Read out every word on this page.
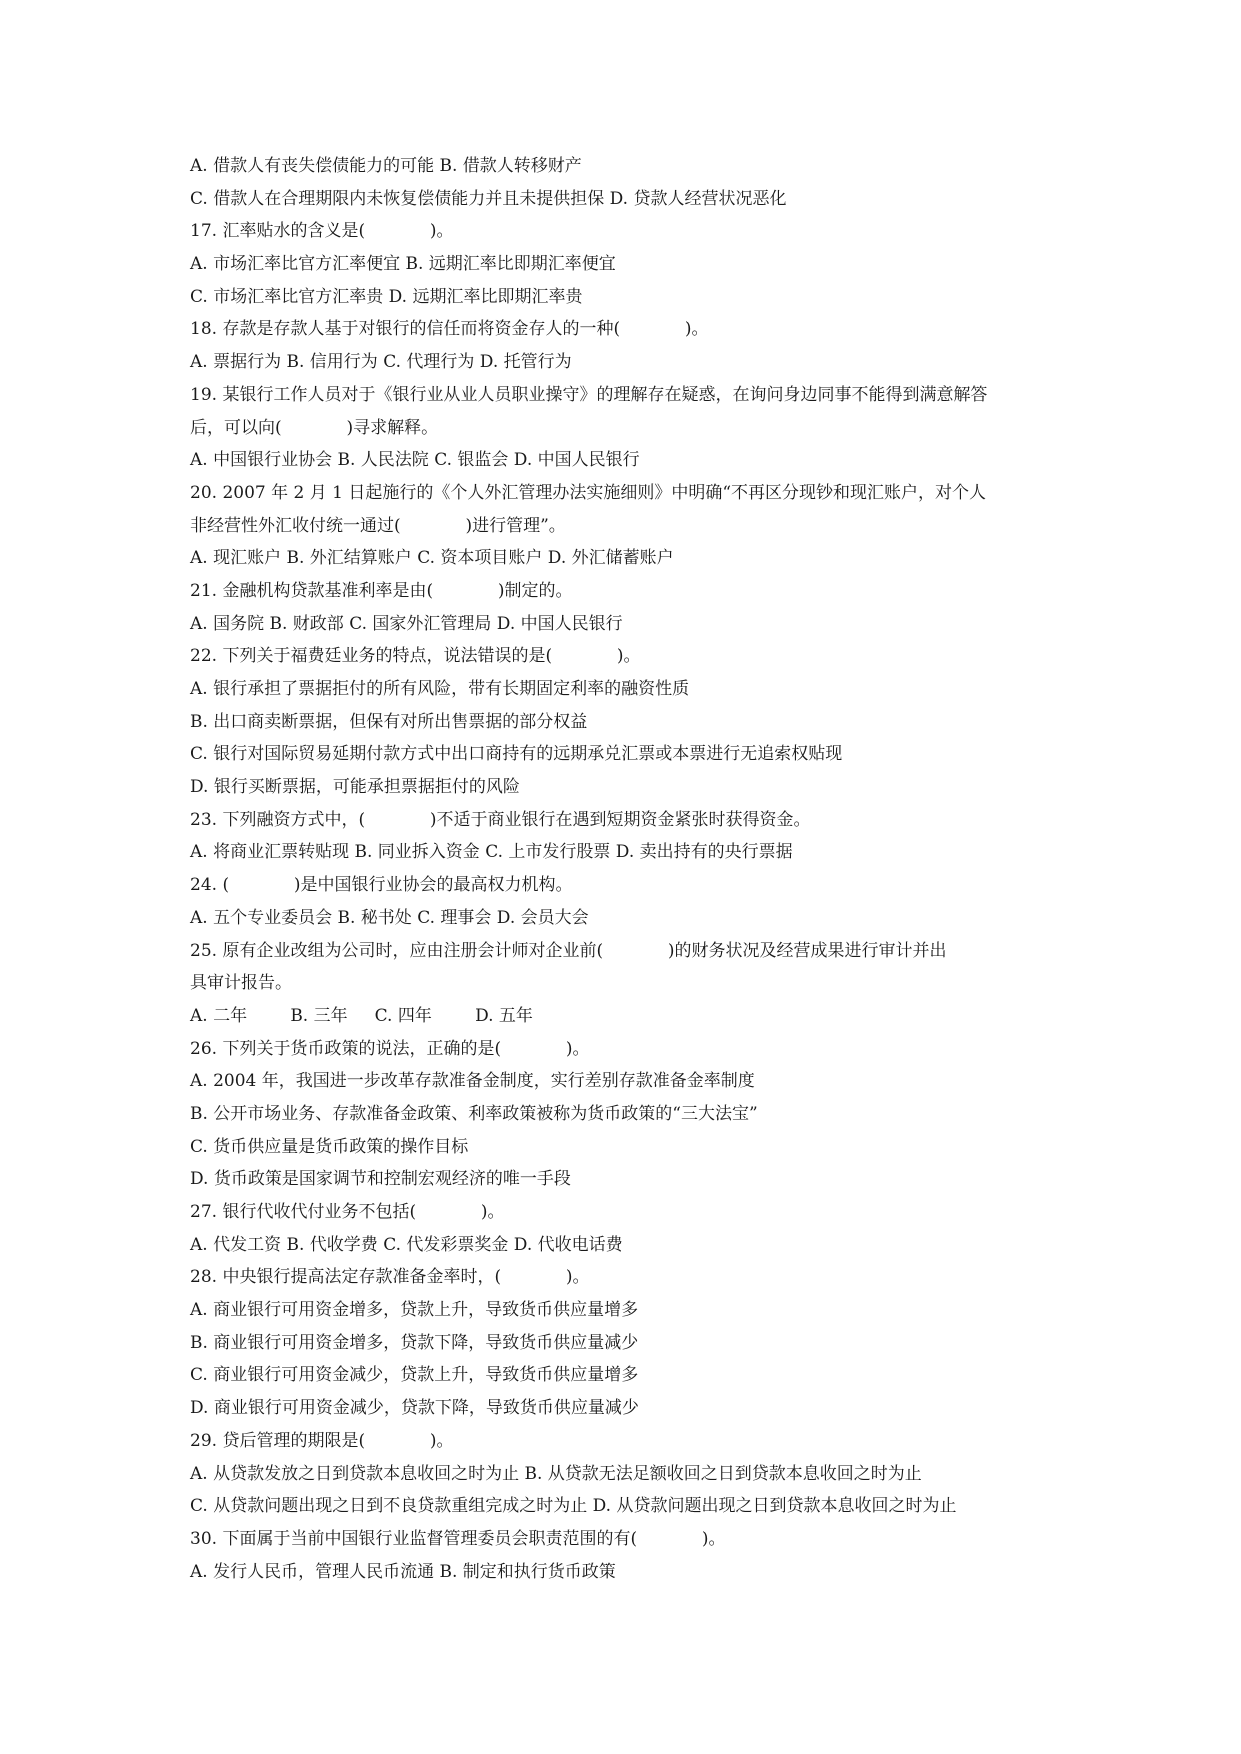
A. 借款人有丧失偿债能力的可能 B. 借款人转移财产
C. 借款人在合理期限内未恢复偿债能力并且未提供担保 D. 贷款人经营状况恶化
17. 汇率贴水的含义是(            )。
A. 市场汇率比官方汇率便宜 B. 远期汇率比即期汇率便宜
C. 市场汇率比官方汇率贵 D. 远期汇率比即期汇率贵
18. 存款是存款人基于对银行的信任而将资金存人的一种(            )。
A. 票据行为 B. 信用行为 C. 代理行为 D. 托管行为
19. 某银行工作人员对于《银行业从业人员职业操守》的理解存在疑惑，在询问身边同事不能得到满意解答
后，可以向(            )寻求解释。
A. 中国银行业协会 B. 人民法院 C. 银监会 D. 中国人民银行
20. 2007 年 2 月 1 日起施行的《个人外汇管理办法实施细则》中明确“不再区分现钞和现汇账户，对个人
非经营性外汇收付统一通过(            )进行管理”。
A. 现汇账户 B. 外汇结算账户 C. 资本项目账户 D. 外汇储蓄账户
21. 金融机构贷款基准利率是由(            )制定的。
A. 国务院 B. 财政部 C. 国家外汇管理局 D. 中国人民银行
22. 下列关于福费廷业务的特点，说法错误的是(            )。
A. 银行承担了票据拒付的所有风险，带有长期固定利率的融资性质
B. 出口商卖断票据，但保有对所出售票据的部分权益
C. 银行对国际贸易延期付款方式中出口商持有的远期承兑汇票或本票进行无追索权贴现
D. 银行买断票据，可能承担票据拒付的风险
23. 下列融资方式中，(            )不适于商业银行在遇到短期资金紧张时获得资金。
A. 将商业汇票转贴现 B. 同业拆入资金 C. 上市发行股票 D. 卖出持有的央行票据
24. (            )是中国银行业协会的最高权力机构。
A. 五个专业委员会 B. 秘书处 C. 理事会 D. 会员大会
25. 原有企业改组为公司时，应由注册会计师对企业前(            )的财务状况及经营成果进行审计并出
具审计报告。
A. 二年        B. 三年     C. 四年        D. 五年
26. 下列关于货币政策的说法，正确的是(            )。
A. 2004 年，我国进一步改革存款准备金制度，实行差别存款准备金率制度
B. 公开市场业务、存款准备金政策、利率政策被称为货币政策的“三大法宝”
C. 货币供应量是货币政策的操作目标
D. 货币政策是国家调节和控制宏观经济的唯一手段
27. 银行代收代付业务不包括(            )。
A. 代发工资 B. 代收学费 C. 代发彩票奖金 D. 代收电话费
28. 中央银行提高法定存款准备金率时，(            )。
A. 商业银行可用资金增多，贷款上升，导致货币供应量增多
B. 商业银行可用资金增多，贷款下降，导致货币供应量减少
C. 商业银行可用资金减少，贷款上升，导致货币供应量增多
D. 商业银行可用资金减少，贷款下降，导致货币供应量减少
29. 贷后管理的期限是(            )。
A. 从贷款发放之日到贷款本息收回之时为止 B. 从贷款无法足额收回之日到贷款本息收回之时为止
C. 从贷款问题出现之日到不良贷款重组完成之时为止 D. 从贷款问题出现之日到贷款本息收回之时为止
30. 下面属于当前中国银行业监督管理委员会职责范围的有(            )。
A. 发行人民币，管理人民币流通 B. 制定和执行货币政策
